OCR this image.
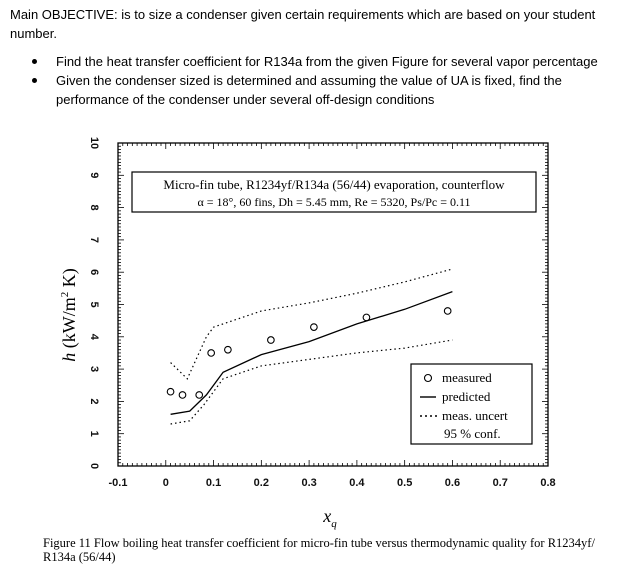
Main OBJECTIVE: is to size a condenser given certain requirements which are based on your student number.
Find the heat transfer coefficient for R134a from the given Figure for several vapor percentage
Given the condenser sized is determined and assuming the value of UA is fixed, find the performance of the condenser under several off-design conditions
-0.1	0	0.1	0.2	0.3	0.4	0.5	0.6	0.7	0.8
0
1
2
3
4
5
6
7
8
9
10
Micro-fin tube, R1234yf/R134a (56/44) evaporation, counterflow
α = 18°, 60 fins, Dh = 5.45 mm, Re = 5320, Ps/Pc = 0.11
measured
predicted
meas. uncert
95 % conf.
h ($kW/m^2$ K)
$x_q$
Figure 11 Flow boiling heat transfer coefficient for micro-fin tube versus thermodynamic quality for R1234yf/ R134a (56/44)
